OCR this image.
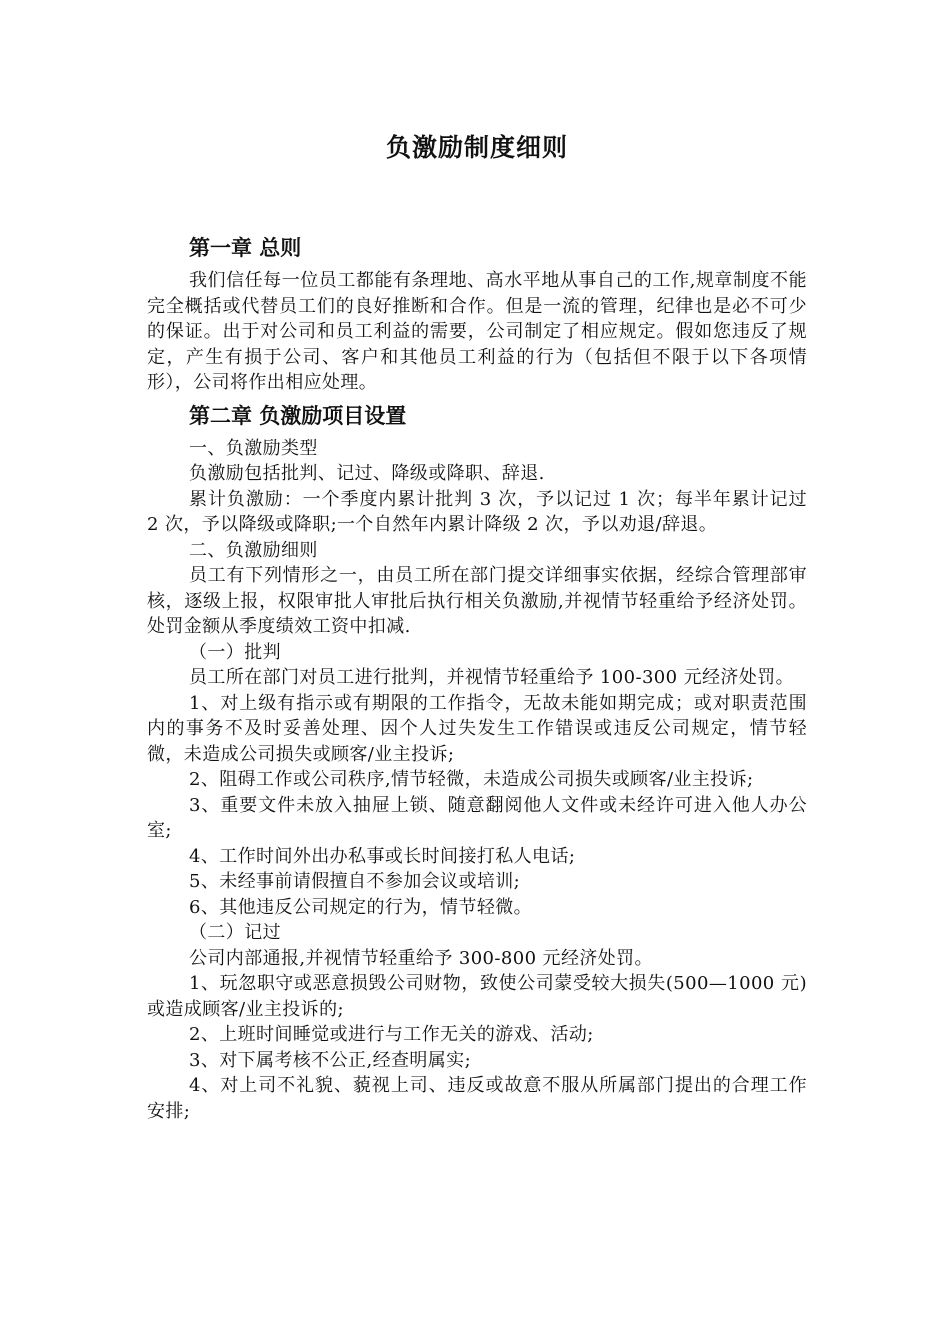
负激励制度细则
第一章 总则

我们信任每一位员工都能有条理地、高水平地从事自己的工作,规章制度不能完全概括或代替员工们的良好推断和合作。但是一流的管理，纪律也是必不可少的保证。出于对公司和员工利益的需要，公司制定了相应规定。假如您违反了规定，产生有损于公司、客户和其他员工利益的行为（包括但不限于以下各项情形），公司将作出相应处理。

第二章 负激励项目设置

一、负激励类型

负激励包括批判、记过、降级或降职、辞退.

累计负激励：一个季度内累计批判 3 次，予以记过 1 次；每半年累计记过 2 次，予以降级或降职;一个自然年内累计降级 2 次，予以劝退/辞退。

二、负激励细则

员工有下列情形之一，由员工所在部门提交详细事实依据，经综合管理部审核，逐级上报，权限审批人审批后执行相关负激励,并视情节轻重给予经济处罚。处罚金额从季度绩效工资中扣减.

（一）批判

员工所在部门对员工进行批判，并视情节轻重给予 100-300 元经济处罚。

1、对上级有指示或有期限的工作指令，无故未能如期完成；或对职责范围内的事务不及时妥善处理、因个人过失发生工作错误或违反公司规定，情节轻微，未造成公司损失或顾客/业主投诉;

2、阻碍工作或公司秩序,情节轻微，未造成公司损失或顾客/业主投诉;

3、重要文件未放入抽屉上锁、随意翻阅他人文件或未经许可进入他人办公室;

4、工作时间外出办私事或长时间接打私人电话;

5、未经事前请假擅自不参加会议或培训;

6、其他违反公司规定的行为，情节轻微。

（二）记过

公司内部通报,并视情节轻重给予 300-800 元经济处罚。

1、玩忽职守或恶意损毁公司财物，致使公司蒙受较大损失(500—1000 元)或造成顾客/业主投诉的;

2、上班时间睡觉或进行与工作无关的游戏、活动;

3、对下属考核不公正,经查明属实;

4、对上司不礼貌、藐视上司、违反或故意不服从所属部门提出的合理工作安排;
